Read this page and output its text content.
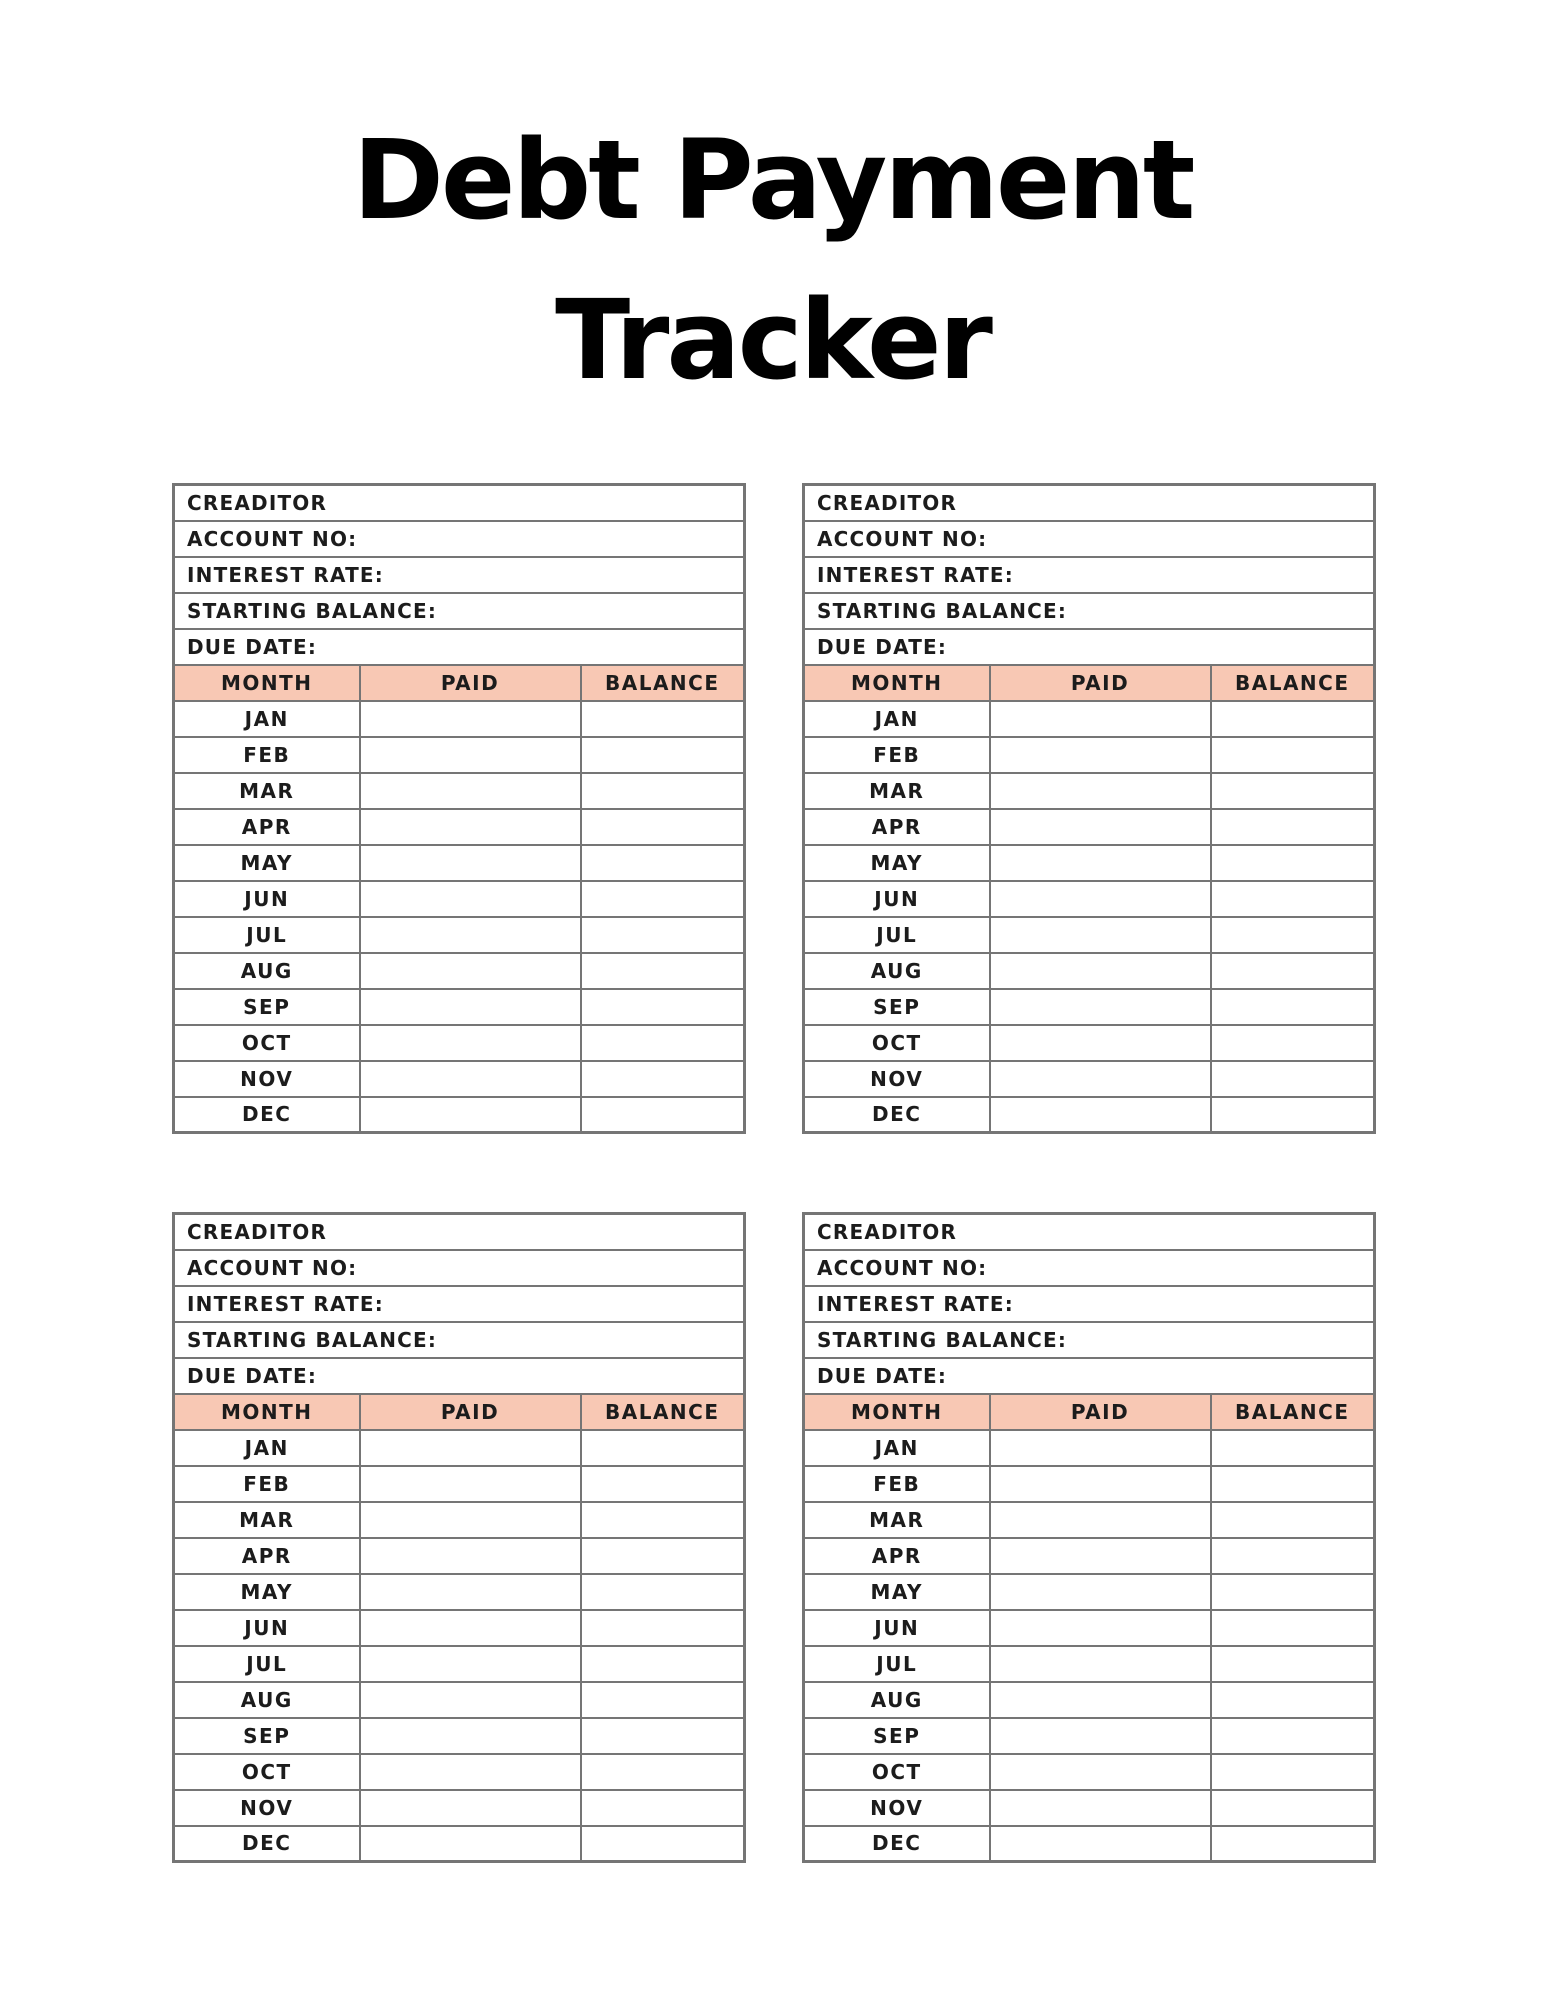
Debt Payment
Tracker
CREADITOR		
ACCOUNT NO:		
INTEREST RATE:		
STARTING BALANCE:		
DUE DATE:		
MONTH	PAID	BALANCE
JAN		
FEB		
MAR		
APR		
MAY		
JUN		
JUL		
AUG		
SEP		
OCT		
NOV		
DEC		
CREADITOR		
ACCOUNT NO:		
INTEREST RATE:		
STARTING BALANCE:		
DUE DATE:		
MONTH	PAID	BALANCE
JAN		
FEB		
MAR		
APR		
MAY		
JUN		
JUL		
AUG		
SEP		
OCT		
NOV		
DEC		
CREADITOR		
ACCOUNT NO:		
INTEREST RATE:		
STARTING BALANCE:		
DUE DATE:		
MONTH	PAID	BALANCE
JAN		
FEB		
MAR		
APR		
MAY		
JUN		
JUL		
AUG		
SEP		
OCT		
NOV		
DEC		
CREADITOR		
ACCOUNT NO:		
INTEREST RATE:		
STARTING BALANCE:		
DUE DATE:		
MONTH	PAID	BALANCE
JAN		
FEB		
MAR		
APR		
MAY		
JUN		
JUL		
AUG		
SEP		
OCT		
NOV		
DEC		
